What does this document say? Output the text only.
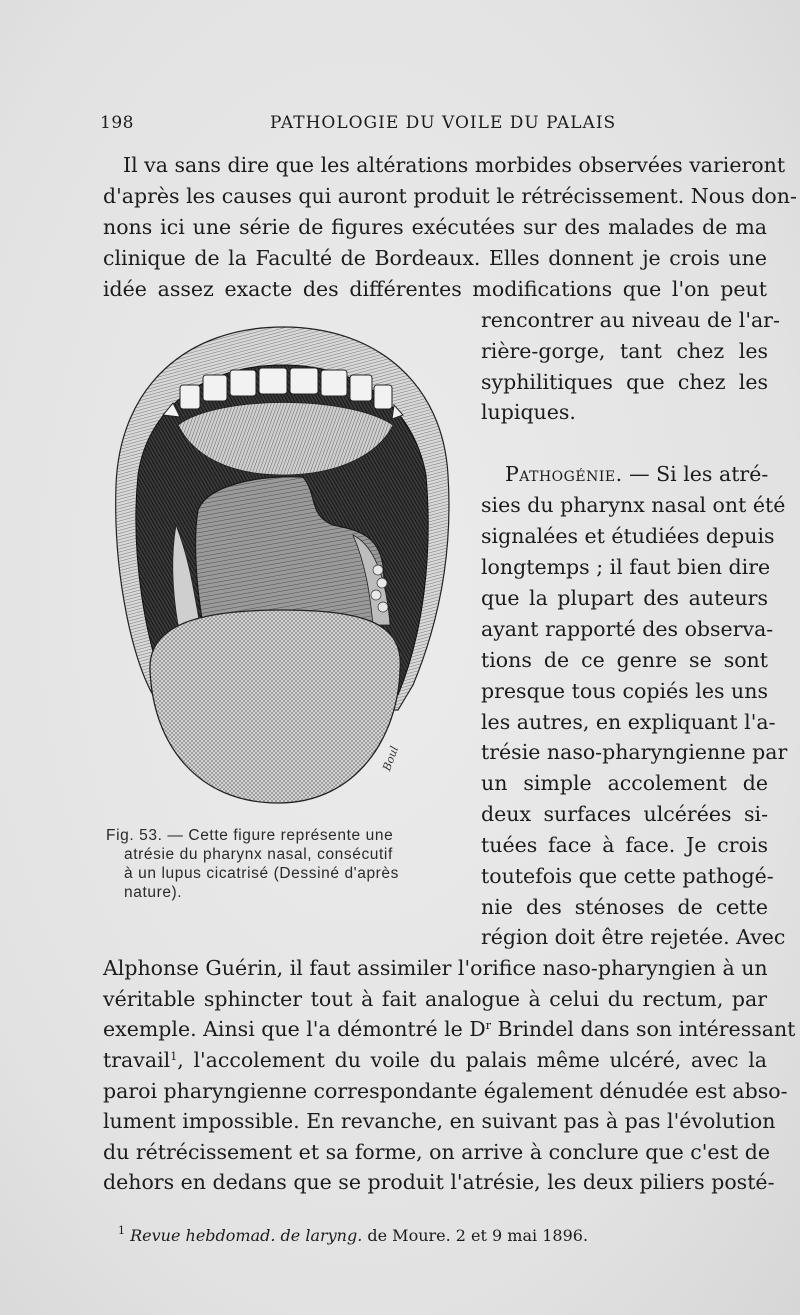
198	PATHOLOGIE DU VOILE DU PALAIS
Il va sans dire que les altérations morbides observées varieront
d'après les causes qui auront produit le rétrécissement. Nous don-
nons ici une série de figures exécutées sur des malades de ma
clinique de la Faculté de Bordeaux. Elles donnent je crois une
idée assez exacte des différentes modifications que l'on peut
rencontrer au niveau de l'ar-
rière-gorge, tant chez les
syphilitiques que chez les
lupiques.
Pathogénie. — Si les atré-
sies du pharynx nasal ont été
signalées et étudiées depuis
longtemps ; il faut bien dire
que la plupart des auteurs
ayant rapporté des observa-
tions de ce genre se sont
presque tous copiés les uns
les autres, en expliquant l'a-
trésie naso-pharyngienne par
un simple accolement de
deux surfaces ulcérées si-
tuées face à face. Je crois
toutefois que cette pathogé-
nie des sténoses de cette
région doit être rejetée. Avec
Alphonse Guérin, il faut assimiler l'orifice naso-pharyngien à un
véritable sphincter tout à fait analogue à celui du rectum, par
exemple. Ainsi que l'a démontré le $D^r$ Brindel dans son intéressant
travail$^1$, l'accolement du voile du palais même ulcéré, avec la
paroi pharyngienne correspondante également dénudée est abso-
lument impossible. En revanche, en suivant pas à pas l'évolution
du rétrécissement et sa forme, on arrive à conclure que c'est de
dehors en dedans que se produit l'atrésie, les deux piliers posté-
Boul
Fig. 53. — Cette figure représente une
atrésie du pharynx nasal, consécutif
à un lupus cicatrisé (Dessiné d'après
nature).
$^1$ Revue hebdomad. de laryng. de Moure. 2 et 9 mai 1896.
